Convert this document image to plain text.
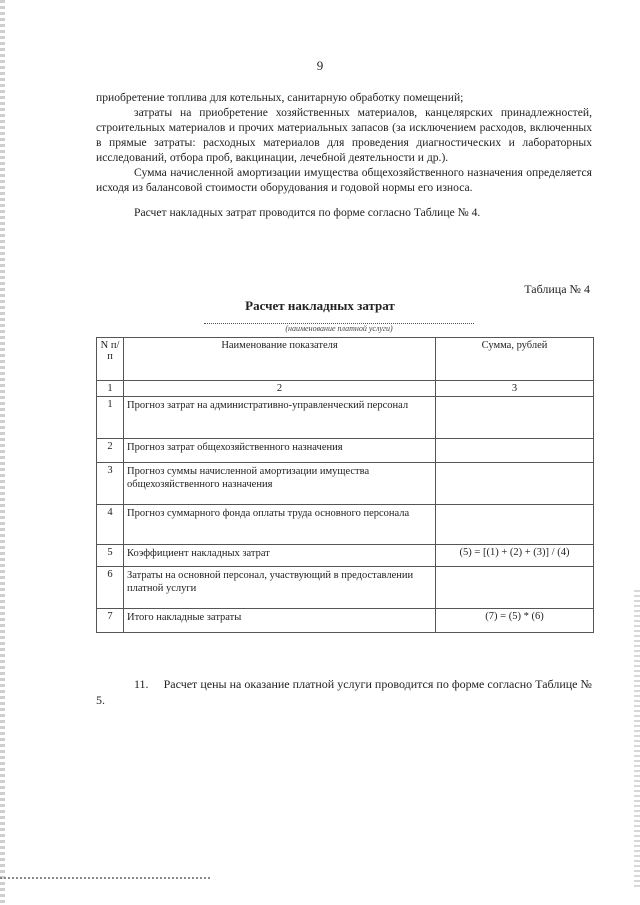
9

приобретение топлива для котельных, санитарную обработку помещений;

затраты на приобретение хозяйственных материалов, канцелярских принадлежностей, строительных материалов и прочих материальных запасов (за исключением расходов, включенных в прямые затраты: расходных материалов для проведения диагностических и лабораторных исследований, отбора проб, вакцинации, лечебной деятельности и др.).

Сумма начисленной амортизации имущества общехозяйственного назначения определяется исходя из балансовой стоимости оборудования и годовой нормы его износа.

Расчет накладных затрат проводится по форме согласно Таблице № 4.

Таблица № 4
Расчет накладных затрат
(наименование платной услуги)
N п/п	Наименование показателя	Сумма, рублей
1	2	3
1	Прогноз затрат на административно-управленческий персонал	
2	Прогноз затрат общехозяйственного назначения	
3	Прогноз суммы начисленной амортизации имущества общехозяйственного назначения	
4	Прогноз суммарного фонда оплаты труда основного персонала	
5	Коэффициент накладных затрат	(5) = [(1) + (2) + (3)] / (4)
6	Затраты на основной персонал, участвующий в предоставлении платной услуги	
7	Итого накладные затраты	(7) = (5) * (6)
11. Расчет цены на оказание платной услуги проводится по форме согласно Таблице № 5.
